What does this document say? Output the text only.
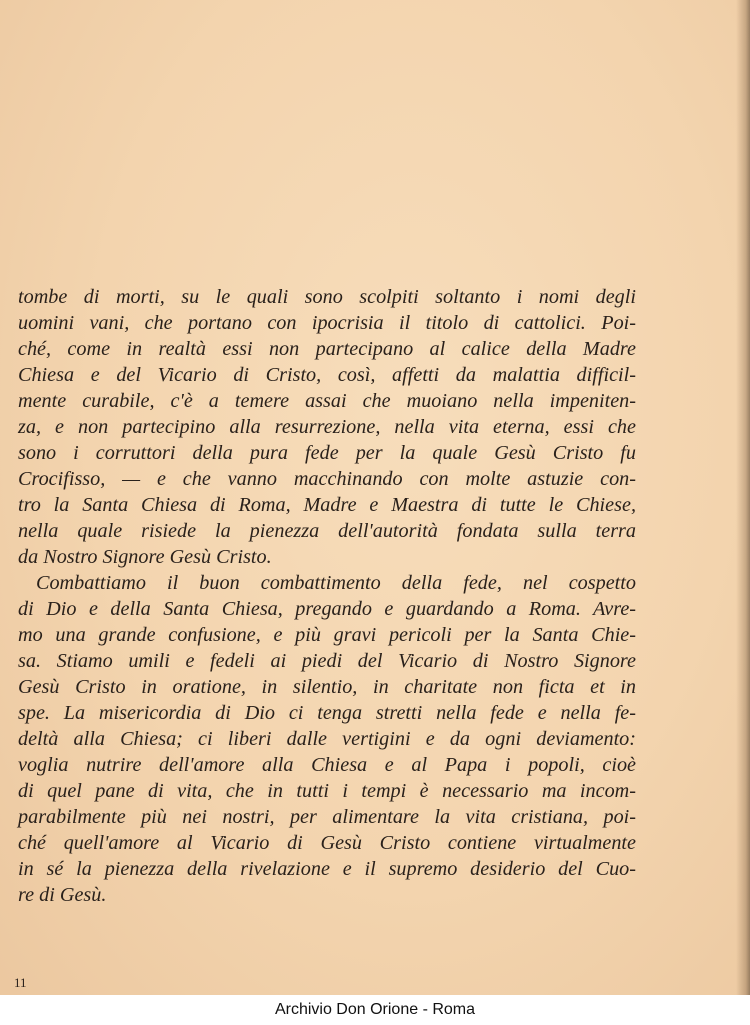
tombe di morti, su le quali sono scolpiti soltanto i nomi degli
uomini vani, che portano con ipocrisia il titolo di cattolici. Poi-
ché, come in realtà essi non partecipano al calice della Madre
Chiesa e del Vicario di Cristo, così, affetti da malattia difficil-
mente curabile, c'è a temere assai che muoiano nella impeniten-
za, e non partecipino alla resurrezione, nella vita eterna, essi che
sono i corruttori della pura fede per la quale Gesù Cristo fu
Crocifisso, — e che vanno macchinando con molte astuzie con-
tro la Santa Chiesa di Roma, Madre e Maestra di tutte le Chiese,
nella quale risiede la pienezza dell'autorità fondata sulla terra
da Nostro Signore Gesù Cristo.
Combattiamo il buon combattimento della fede, nel cospetto
di Dio e della Santa Chiesa, pregando e guardando a Roma. Avre-
mo una grande confusione, e più gravi pericoli per la Santa Chie-
sa. Stiamo umili e fedeli ai piedi del Vicario di Nostro Signore
Gesù Cristo in oratione, in silentio, in charitate non ficta et in
spe. La misericordia di Dio ci tenga stretti nella fede e nella fe-
deltà alla Chiesa; ci liberi dalle vertigini e da ogni deviamento:
voglia nutrire dell'amore alla Chiesa e al Papa i popoli, cioè
di quel pane di vita, che in tutti i tempi è necessario ma incom-
parabilmente più nei nostri, per alimentare la vita cristiana, poi-
ché quell'amore al Vicario di Gesù Cristo contiene virtualmente
in sé la pienezza della rivelazione e il supremo desiderio del Cuo-
re di Gesù.
11
Archivio Don Orione - Roma
